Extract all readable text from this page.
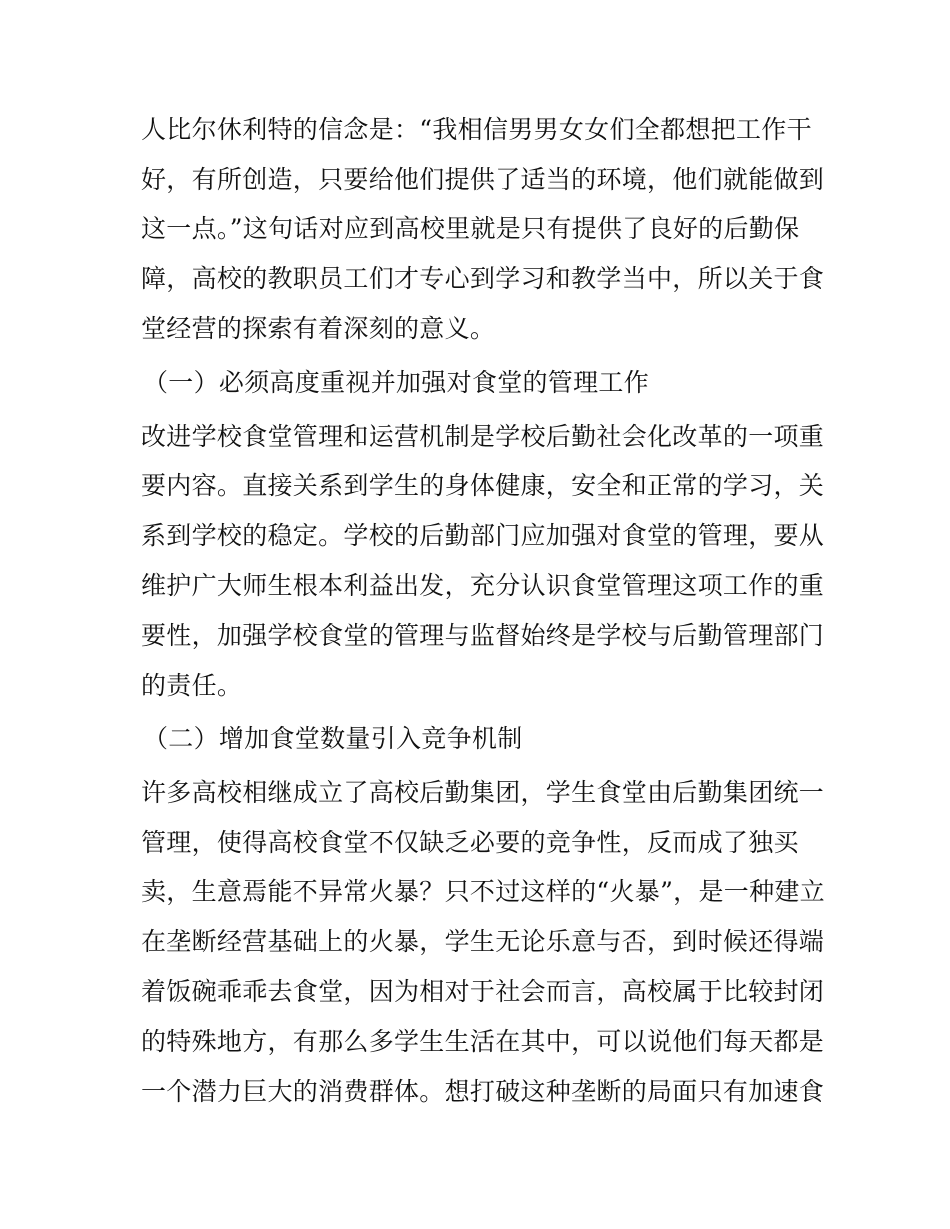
人比尔休利特的信念是：“我相信男男女女们全都想把工作干
好，有所创造，只要给他们提供了适当的环境，他们就能做到
这一点。”这句话对应到高校里就是只有提供了良好的后勤保
障，高校的教职员工们才专心到学习和教学当中，所以关于食
堂经营的探索有着深刻的意义。
（一）必须高度重视并加强对食堂的管理工作
改进学校食堂管理和运营机制是学校后勤社会化改革的一项重
要内容。直接关系到学生的身体健康，安全和正常的学习，关
系到学校的稳定。学校的后勤部门应加强对食堂的管理，要从
维护广大师生根本利益出发，充分认识食堂管理这项工作的重
要性，加强学校食堂的管理与监督始终是学校与后勤管理部门
的责任。
（二）增加食堂数量引入竞争机制
许多高校相继成立了高校后勤集团，学生食堂由后勤集团统一
管理，使得高校食堂不仅缺乏必要的竞争性，反而成了独买
卖，生意焉能不异常火暴？只不过这样的“火暴”，是一种建立
在垄断经营基础上的火暴，学生无论乐意与否，到时候还得端
着饭碗乖乖去食堂，因为相对于社会而言，高校属于比较封闭
的特殊地方，有那么多学生生活在其中，可以说他们每天都是
一个潜力巨大的消费群体。想打破这种垄断的局面只有加速食
